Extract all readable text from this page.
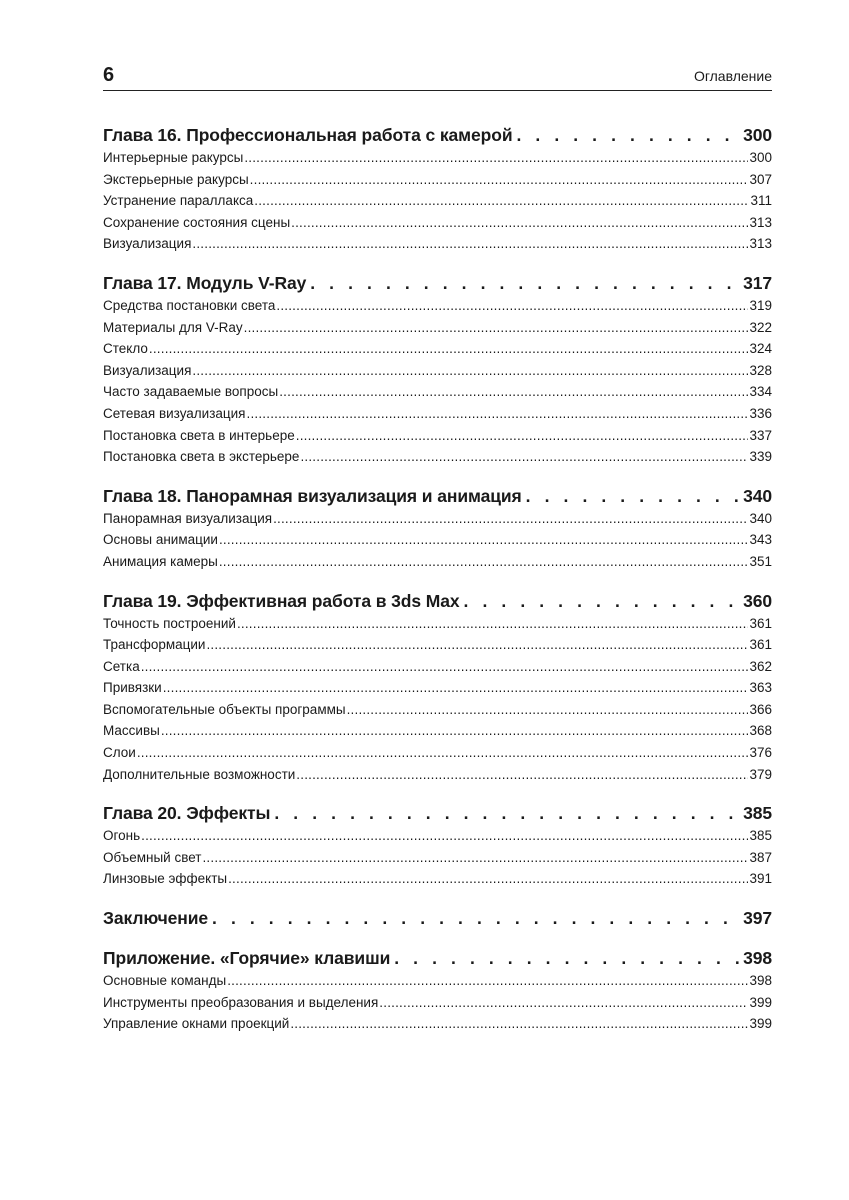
6	Оглавление
Глава 16. Профессиональная работа с камерой . . .	300
Интерьерные ракурсы .....	300
Экстерьерные ракурсы .....	307
Устранение параллакса .....	311
Сохранение состояния сцены .....	313
Визуализация .....	313
Глава 17. Модуль V-Ray . . .	317
Средства постановки света .....	319
Материалы для V-Ray .....	322
Стекло .....	324
Визуализация .....	328
Часто задаваемые вопросы .....	334
Сетевая визуализация .....	336
Постановка света в интерьере .....	337
Постановка света в экстерьере .....	339
Глава 18. Панорамная визуализация и анимация . . .	340
Панорамная визуализация .....	340
Основы анимации .....	343
Анимация камеры .....	351
Глава 19. Эффективная работа в 3ds Max . . .	360
Точность построений .....	361
Трансформации .....	361
Сетка .....	362
Привязки .....	363
Вспомогательные объекты программы .....	366
Массивы .....	368
Слои .....	376
Дополнительные возможности .....	379
Глава 20. Эффекты . . .	385
Огонь .....	385
Объемный свет .....	387
Линзовые эффекты .....	391
Заключение . . .	397
Приложение. «Горячие» клавиши . . .	398
Основные команды .....	398
Инструменты преобразования и выделения .....	399
Управление окнами проекций .....	399
